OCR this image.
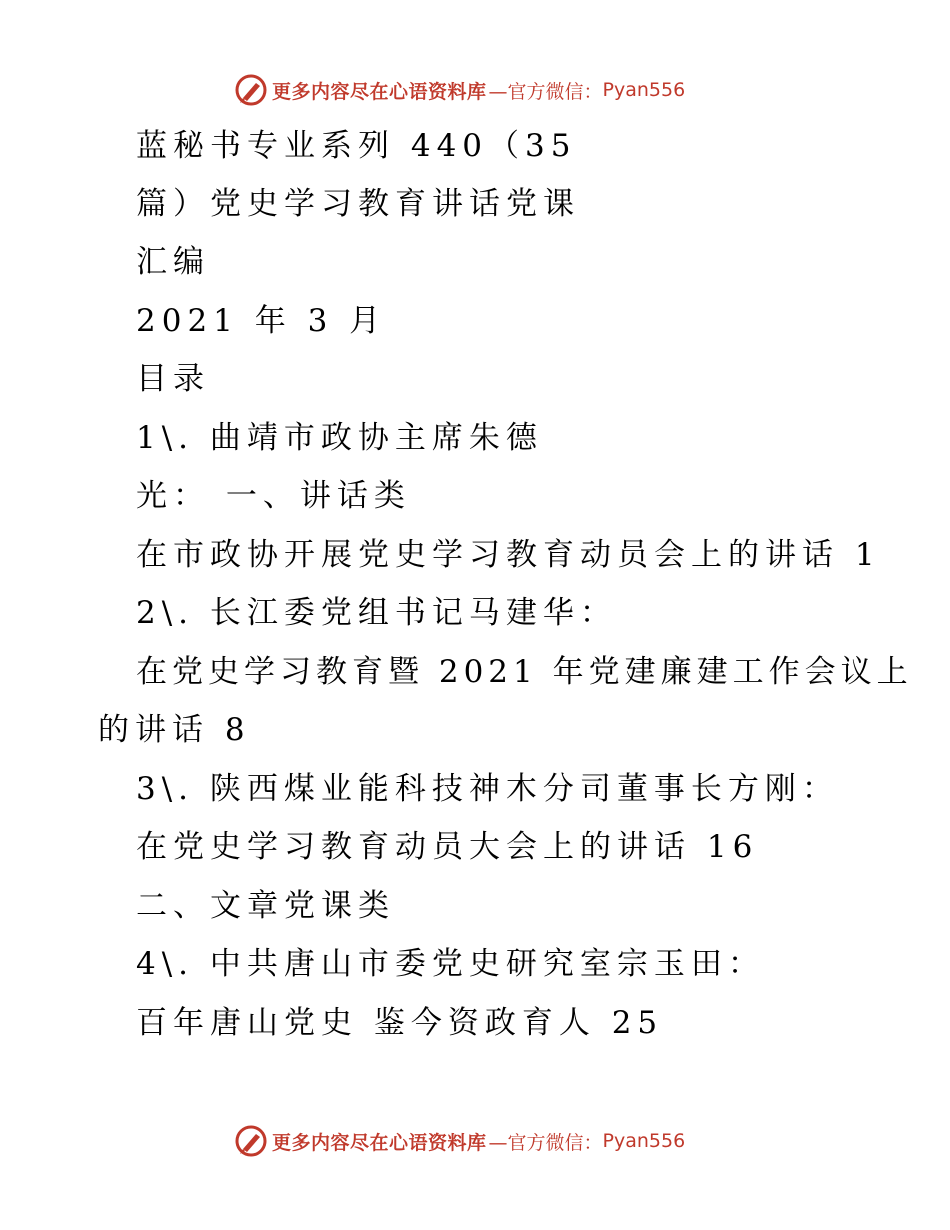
更多内容尽在心语资料库 —官方微信： Pyan556
蓝秘书专业系列 440（35
篇）党史学习教育讲话党课
汇编
2021 年 3 月
目录
1\. 曲靖市政协主席朱德
光： 一、讲话类
在市政协开展党史学习教育动员会上的讲话 1
2\. 长江委党组书记马建华：
在党史学习教育暨 2021 年党建廉建工作会议上
的讲话 8
3\. 陕西煤业能科技神木分司董事长方刚：
在党史学习教育动员大会上的讲话 16
二、文章党课类
4\. 中共唐山市委党史研究室宗玉田：
百年唐山党史 鉴今资政育人 25
更多内容尽在心语资料库 —官方微信： Pyan556
